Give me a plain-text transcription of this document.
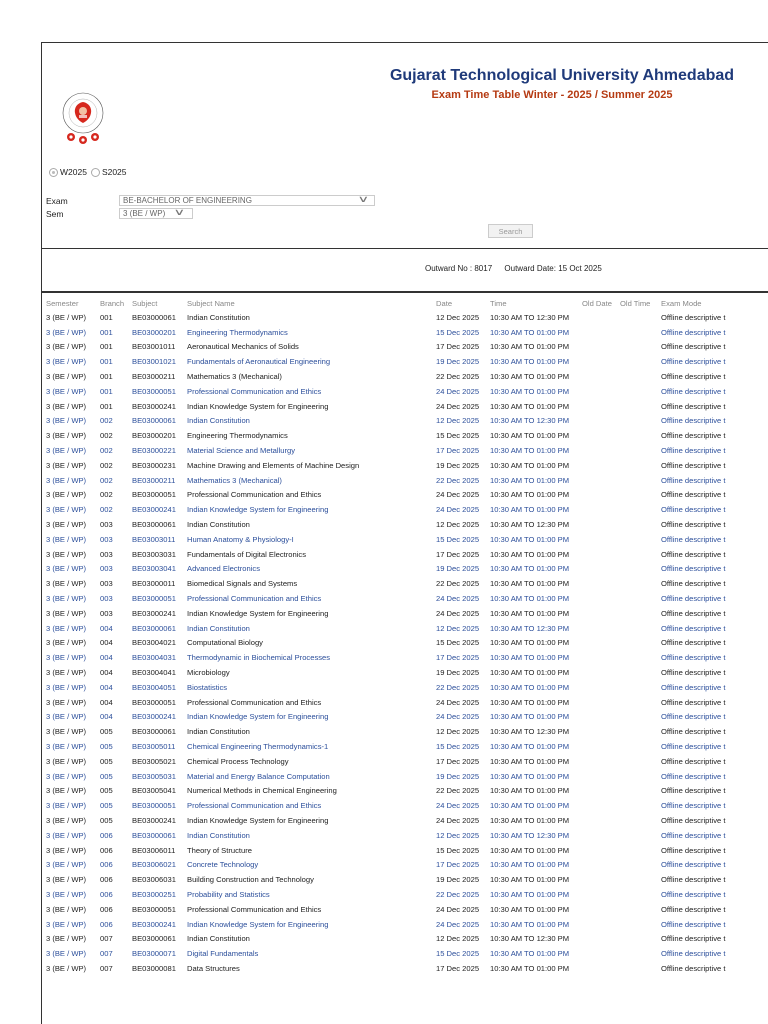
Gujarat Technological University Ahmedabad
Exam Time Table Winter - 2025 / Summer 2025
W2025 S2025
Exam	BE-BACHELOR OF ENGINEERING	∨
Sem	3 (BE / WP) ∨
Search
Outward No : 8017 Outward Date: 15 Oct 2025
Semester	Branch	Subject	Subject Name	Date	Time	Old Date	Old Time	Exam Mode
3 (BE / WP)	001	BE03000061	Indian Constitution	12 Dec 2025	10:30 AM TO 12:30 PM			Offline descriptive t
3 (BE / WP)	001	BE03000201	Engineering Thermodynamics	15 Dec 2025	10:30 AM TO 01:00 PM			Offline descriptive t
3 (BE / WP)	001	BE03001011	Aeronautical Mechanics of Solids	17 Dec 2025	10:30 AM TO 01:00 PM			Offline descriptive t
3 (BE / WP)	001	BE03001021	Fundamentals of Aeronautical Engineering	19 Dec 2025	10:30 AM TO 01:00 PM			Offline descriptive t
3 (BE / WP)	001	BE03000211	Mathematics 3 (Mechanical)	22 Dec 2025	10:30 AM TO 01:00 PM			Offline descriptive t
3 (BE / WP)	001	BE03000051	Professional Communication and Ethics	24 Dec 2025	10:30 AM TO 01:00 PM			Offline descriptive t
3 (BE / WP)	001	BE03000241	Indian Knowledge System for Engineering	24 Dec 2025	10:30 AM TO 01:00 PM			Offline descriptive t
3 (BE / WP)	002	BE03000061	Indian Constitution	12 Dec 2025	10:30 AM TO 12:30 PM			Offline descriptive t
3 (BE / WP)	002	BE03000201	Engineering Thermodynamics	15 Dec 2025	10:30 AM TO 01:00 PM			Offline descriptive t
3 (BE / WP)	002	BE03000221	Material Science and Metallurgy	17 Dec 2025	10:30 AM TO 01:00 PM			Offline descriptive t
3 (BE / WP)	002	BE03000231	Machine Drawing and Elements of Machine Design	19 Dec 2025	10:30 AM TO 01:00 PM			Offline descriptive t
3 (BE / WP)	002	BE03000211	Mathematics 3 (Mechanical)	22 Dec 2025	10:30 AM TO 01:00 PM			Offline descriptive t
3 (BE / WP)	002	BE03000051	Professional Communication and Ethics	24 Dec 2025	10:30 AM TO 01:00 PM			Offline descriptive t
3 (BE / WP)	002	BE03000241	Indian Knowledge System for Engineering	24 Dec 2025	10:30 AM TO 01:00 PM			Offline descriptive t
3 (BE / WP)	003	BE03000061	Indian Constitution	12 Dec 2025	10:30 AM TO 12:30 PM			Offline descriptive t
3 (BE / WP)	003	BE03003011	Human Anatomy & Physiology-I	15 Dec 2025	10:30 AM TO 01:00 PM			Offline descriptive t
3 (BE / WP)	003	BE03003031	Fundamentals of Digital Electronics	17 Dec 2025	10:30 AM TO 01:00 PM			Offline descriptive t
3 (BE / WP)	003	BE03003041	Advanced Electronics	19 Dec 2025	10:30 AM TO 01:00 PM			Offline descriptive t
3 (BE / WP)	003	BE03000011	Biomedical Signals and Systems	22 Dec 2025	10:30 AM TO 01:00 PM			Offline descriptive t
3 (BE / WP)	003	BE03000051	Professional Communication and Ethics	24 Dec 2025	10:30 AM TO 01:00 PM			Offline descriptive t
3 (BE / WP)	003	BE03000241	Indian Knowledge System for Engineering	24 Dec 2025	10:30 AM TO 01:00 PM			Offline descriptive t
3 (BE / WP)	004	BE03000061	Indian Constitution	12 Dec 2025	10:30 AM TO 12:30 PM			Offline descriptive t
3 (BE / WP)	004	BE03004021	Computational Biology	15 Dec 2025	10:30 AM TO 01:00 PM			Offline descriptive t
3 (BE / WP)	004	BE03004031	Thermodynamic in Biochemical Processes	17 Dec 2025	10:30 AM TO 01:00 PM			Offline descriptive t
3 (BE / WP)	004	BE03004041	Microbiology	19 Dec 2025	10:30 AM TO 01:00 PM			Offline descriptive t
3 (BE / WP)	004	BE03004051	Biostatistics	22 Dec 2025	10:30 AM TO 01:00 PM			Offline descriptive t
3 (BE / WP)	004	BE03000051	Professional Communication and Ethics	24 Dec 2025	10:30 AM TO 01:00 PM			Offline descriptive t
3 (BE / WP)	004	BE03000241	Indian Knowledge System for Engineering	24 Dec 2025	10:30 AM TO 01:00 PM			Offline descriptive t
3 (BE / WP)	005	BE03000061	Indian Constitution	12 Dec 2025	10:30 AM TO 12:30 PM			Offline descriptive t
3 (BE / WP)	005	BE03005011	Chemical Engineering Thermodynamics-1	15 Dec 2025	10:30 AM TO 01:00 PM			Offline descriptive t
3 (BE / WP)	005	BE03005021	Chemical Process Technology	17 Dec 2025	10:30 AM TO 01:00 PM			Offline descriptive t
3 (BE / WP)	005	BE03005031	Material and Energy Balance Computation	19 Dec 2025	10:30 AM TO 01:00 PM			Offline descriptive t
3 (BE / WP)	005	BE03005041	Numerical Methods in Chemical Engineering	22 Dec 2025	10:30 AM TO 01:00 PM			Offline descriptive t
3 (BE / WP)	005	BE03000051	Professional Communication and Ethics	24 Dec 2025	10:30 AM TO 01:00 PM			Offline descriptive t
3 (BE / WP)	005	BE03000241	Indian Knowledge System for Engineering	24 Dec 2025	10:30 AM TO 01:00 PM			Offline descriptive t
3 (BE / WP)	006	BE03000061	Indian Constitution	12 Dec 2025	10:30 AM TO 12:30 PM			Offline descriptive t
3 (BE / WP)	006	BE03006011	Theory of Structure	15 Dec 2025	10:30 AM TO 01:00 PM			Offline descriptive t
3 (BE / WP)	006	BE03006021	Concrete Technology	17 Dec 2025	10:30 AM TO 01:00 PM			Offline descriptive t
3 (BE / WP)	006	BE03006031	Building Construction and Technology	19 Dec 2025	10:30 AM TO 01:00 PM			Offline descriptive t
3 (BE / WP)	006	BE03000251	Probability and Statistics	22 Dec 2025	10:30 AM TO 01:00 PM			Offline descriptive t
3 (BE / WP)	006	BE03000051	Professional Communication and Ethics	24 Dec 2025	10:30 AM TO 01:00 PM			Offline descriptive t
3 (BE / WP)	006	BE03000241	Indian Knowledge System for Engineering	24 Dec 2025	10:30 AM TO 01:00 PM			Offline descriptive t
3 (BE / WP)	007	BE03000061	Indian Constitution	12 Dec 2025	10:30 AM TO 12:30 PM			Offline descriptive t
3 (BE / WP)	007	BE03000071	Digital Fundamentals	15 Dec 2025	10:30 AM TO 01:00 PM			Offline descriptive t
3 (BE / WP)	007	BE03000081	Data Structures	17 Dec 2025	10:30 AM TO 01:00 PM			Offline descriptive t
